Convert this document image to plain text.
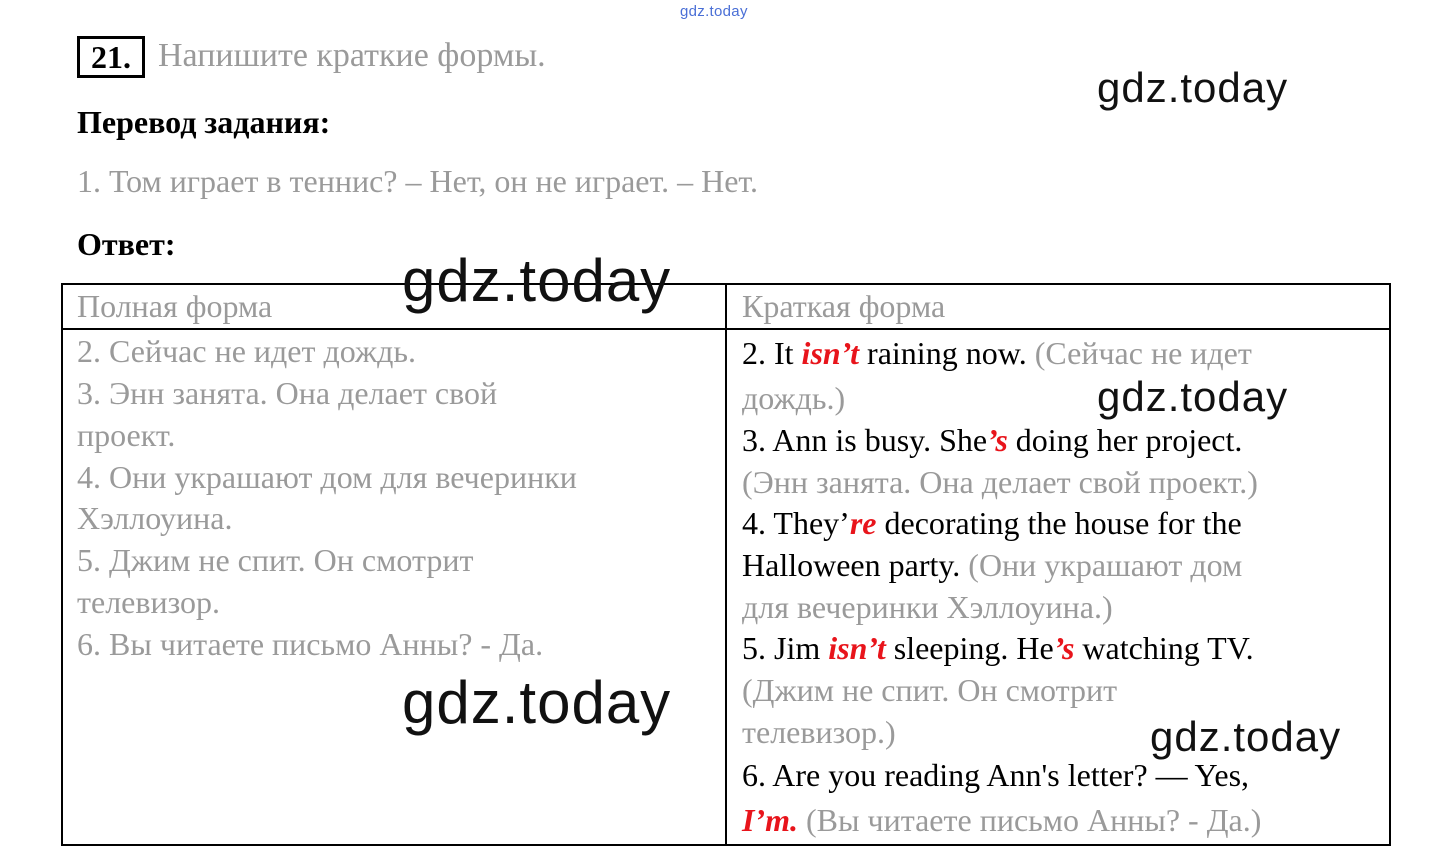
gdz.today
21. Напишите краткие формы.
gdz.today
Перевод задания:
1. Том играет в теннис? – Нет, он не играет. – Нет.
Ответ:
Полная форма	Краткая форма
2. Сейчас не идет дождь.
3. Энн занята. Она делает свой
проект.
4. Они украшают дом для вечеринки
Хэллоуина.
5. Джим не спит. Он смотрит
телевизор.
6. Вы читаете письмо Анны? - Да.
2. It isn’t raining now. (Сейчас не идет
дождь.)
3. Ann is busy. She’s doing her project.
(Энн занята. Она делает свой проект.)
4. They’re decorating the house for the
Halloween party. (Они украшают дом
для вечеринки Хэллоуина.)
5. Jim isn’t sleeping. He’s watching TV.
(Джим не спит. Он смотрит
телевизор.)
6. Are you reading Ann's letter? — Yes,
I’m. (Вы читаете письмо Анны? - Да.)
gdz.today
gdz.today
gdz.today
gdz.today
